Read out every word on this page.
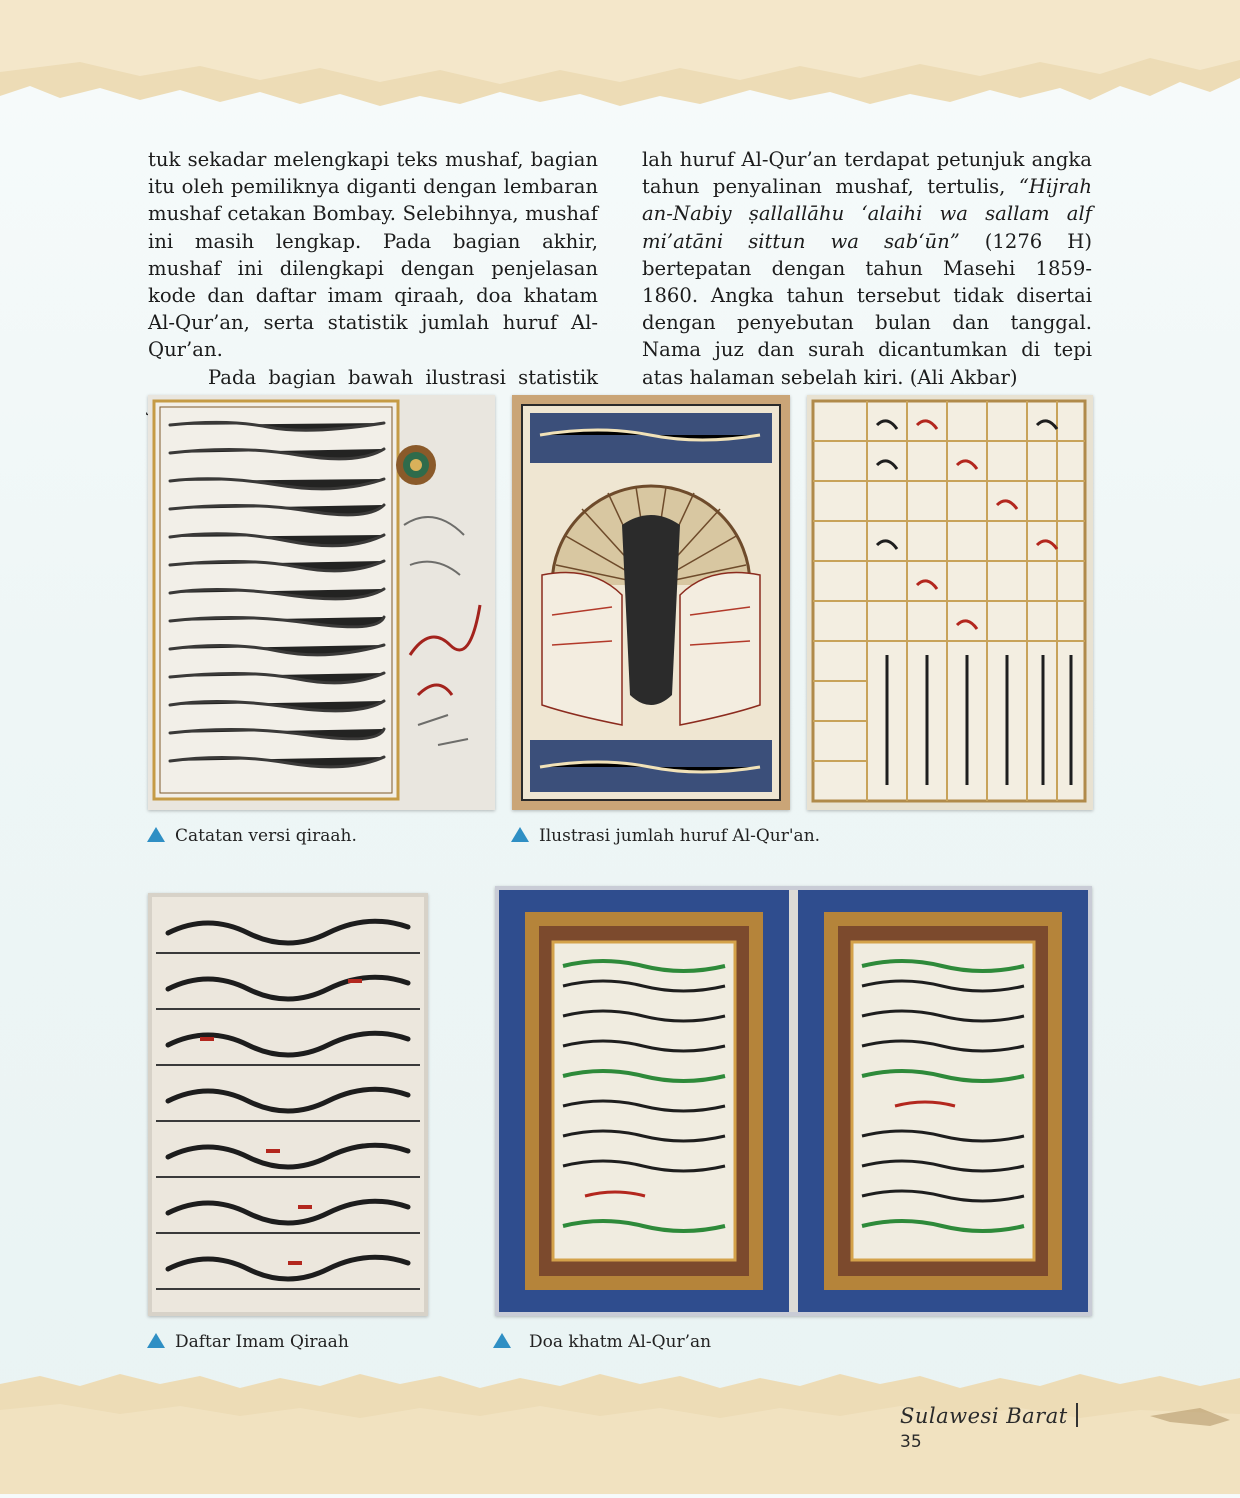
tuk sekadar melengkapi teks mushaf, bagian itu oleh pemiliknya diganti dengan lembaran mushaf cetakan Bombay. Selebihnya, mushaf ini masih lengkap. Pada bagian akhir, mushaf ini dilengkapi dengan penjelasan kode dan daftar imam qiraah, doa khatam Al-Qur’an, serta statistik jumlah huruf Al-Qur’an.

Pada bagian bawah ilustrasi statistik

lah huruf Al-Qur’an terdapat petunjuk angka tahun penyalinan mushaf, tertulis, “Hijrah an-Nabiy ṣallallāhu ‘alaihi wa sallam alf mi’atāni sittun wa sab‘ūn” (1276 H) bertepatan dengan tahun Masehi 1859-1860. Angka tahun tersebut tidak disertai dengan penyebutan bulan dan tanggal. Nama juz dan surah dicantumkan di tepi atas halaman sebelah kiri. (Ali Akbar)

Catatan versi qiraah.	Ilustrasi jumlah huruf Al-Qur'an.
Daftar Imam Qiraah	Doa khatm Al-Qur’an
Sulawesi Barat35
